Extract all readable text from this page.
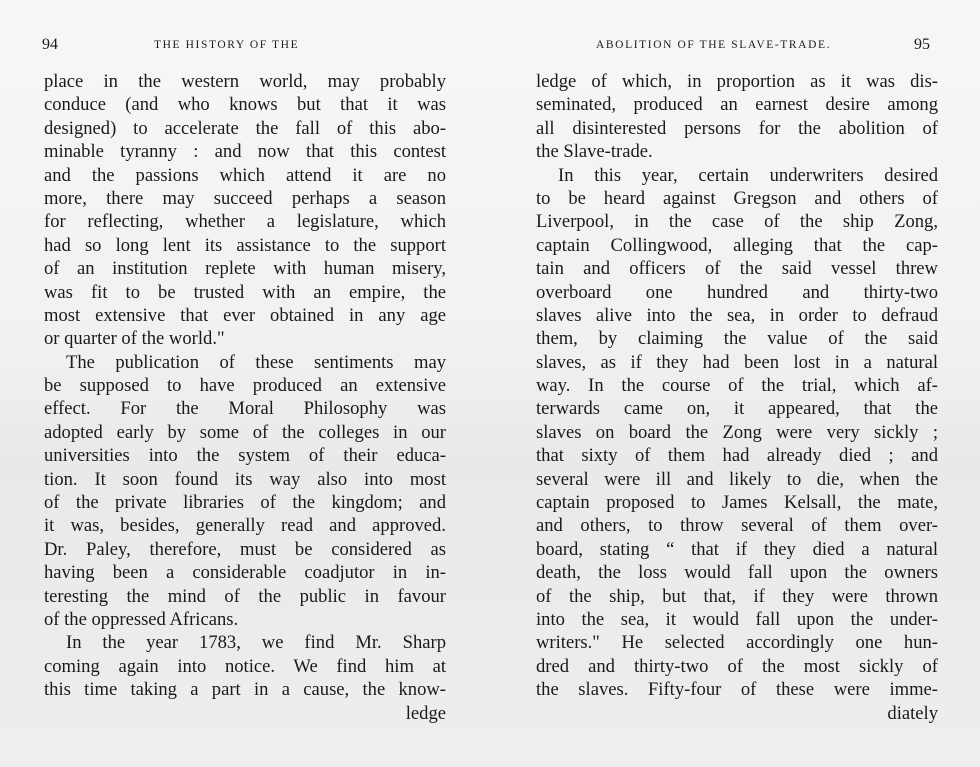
94	THE HISTORY OF THE
place in the western world, may probably
conduce (and who knows but that it was
designed) to accelerate the fall of this abo-
minable tyranny : and now that this contest
and the passions which attend it are no
more, there may succeed perhaps a season
for reflecting, whether a legislature, which
had so long lent its assistance to the support
of an institution replete with human misery,
was fit to be trusted with an empire, the
most extensive that ever obtained in any age
or quarter of the world."
The publication of these sentiments may
be supposed to have produced an extensive
effect. For the Moral Philosophy was
adopted early by some of the colleges in our
universities into the system of their educa-
tion. It soon found its way also into most
of the private libraries of the kingdom; and
it was, besides, generally read and approved.
Dr. Paley, therefore, must be considered as
having been a considerable coadjutor in in-
teresting the mind of the public in favour
of the oppressed Africans.
In the year 1783, we find Mr. Sharp
coming again into notice. We find him at
this time taking a part in a cause, the know-
ledge
ABOLITION OF THE SLAVE-TRADE.	95
ledge of which, in proportion as it was dis-
seminated, produced an earnest desire among
all disinterested persons for the abolition of
the Slave-trade.
In this year, certain underwriters desired
to be heard against Gregson and others of
Liverpool, in the case of the ship Zong,
captain Collingwood, alleging that the cap-
tain and officers of the said vessel threw
overboard one hundred and thirty-two
slaves alive into the sea, in order to defraud
them, by claiming the value of the said
slaves, as if they had been lost in a natural
way. In the course of the trial, which af-
terwards came on, it appeared, that the
slaves on board the Zong were very sickly ;
that sixty of them had already died ; and
several were ill and likely to die, when the
captain proposed to James Kelsall, the mate,
and others, to throw several of them over-
board, stating “ that if they died a natural
death, the loss would fall upon the owners
of the ship, but that, if they were thrown
into the sea, it would fall upon the under-
writers." He selected accordingly one hun-
dred and thirty-two of the most sickly of
the slaves. Fifty-four of these were imme-
diately
